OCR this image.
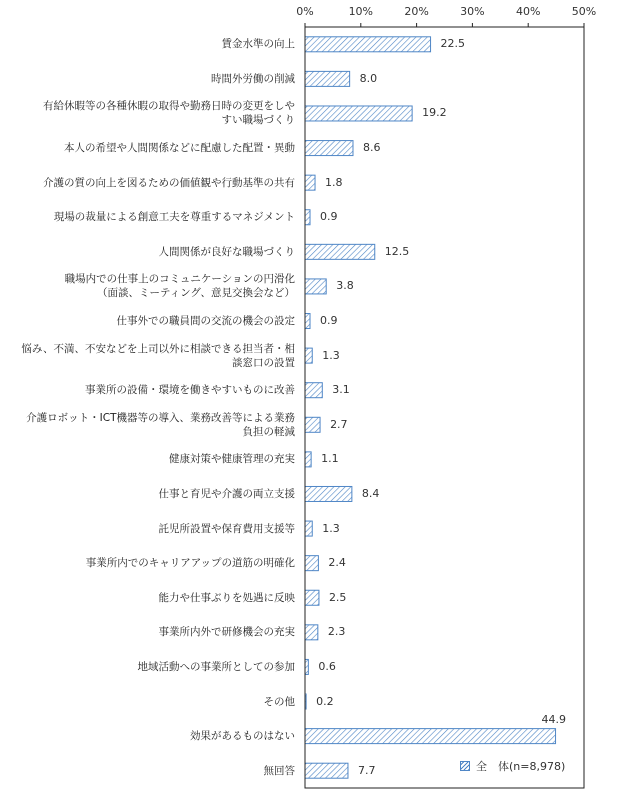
0%	10%	20%	30%	40%	50%
22.5
賃金水準の向上
8.0
時間外労働の削減
19.2
有給休暇等の各種休暇の取得や勤務日時の変更をしや
すい職場づくり
8.6
本人の希望や人間関係などに配慮した配置・異動
1.8
介護の質の向上を図るための価値観や行動基準の共有
0.9
現場の裁量による創意工夫を尊重するマネジメント
12.5
人間関係が良好な職場づくり
3.8
職場内での仕事上のコミュニケーションの円滑化
（面談、ミーティング、意見交換会など）
0.9
仕事外での職員間の交流の機会の設定
1.3
悩み、不満、不安などを上司以外に相談できる担当者・相
談窓口の設置
3.1
事業所の設備・環境を働きやすいものに改善
2.7
介護ロボット・ICT機器等の導入、業務改善等による業務
負担の軽減
1.1
健康対策や健康管理の充実
8.4
仕事と育児や介護の両立支援
1.3
託児所設置や保育費用支援等
2.4
事業所内でのキャリアアップの道筋の明確化
2.5
能力や仕事ぶりを処遇に反映
2.3
事業所内外で研修機会の充実
0.6
地域活動への事業所としての参加
0.2
その他
44.9
効果があるものはない
7.7
無回答	全　体(n=8,978)
